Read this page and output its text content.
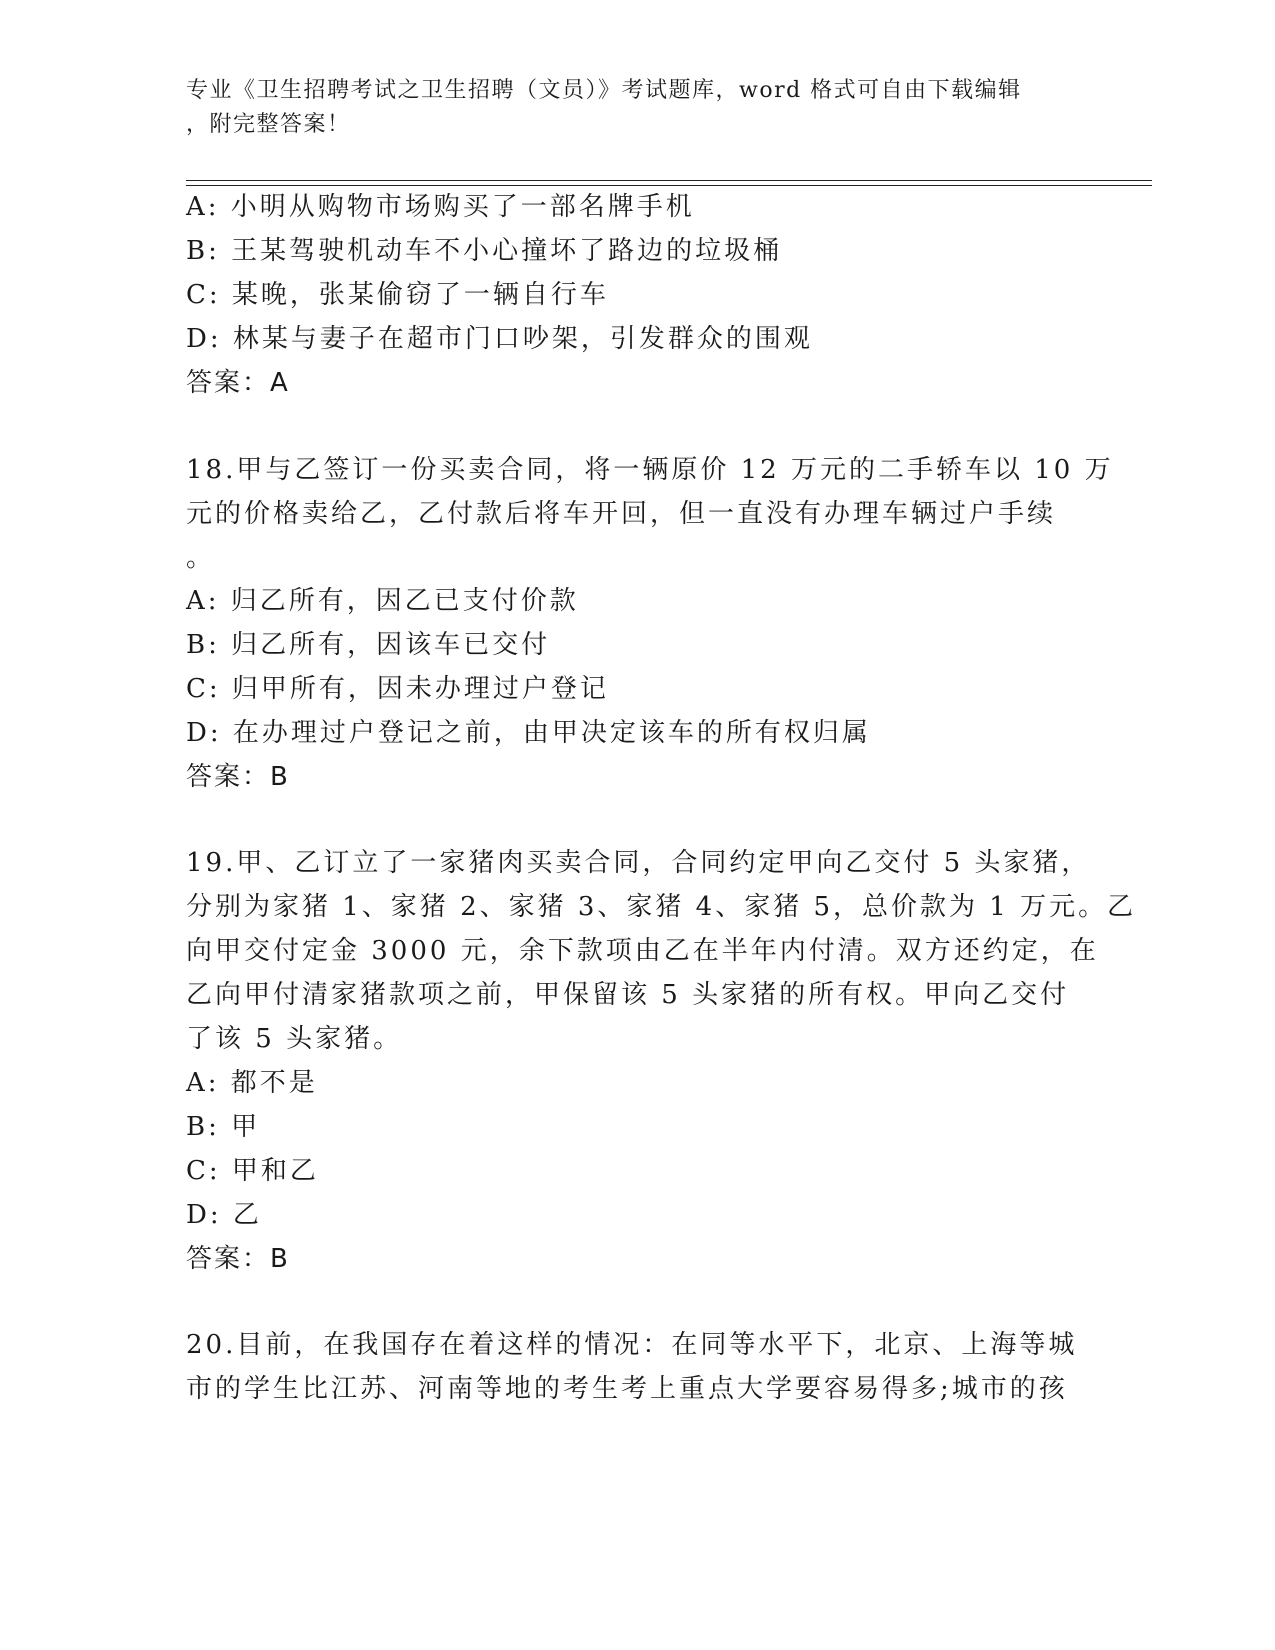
专业《卫生招聘考试之卫生招聘（文员）》考试题库，word 格式可自由下载编辑
，附完整答案！
A: 小明从购物市场购买了一部名牌手机
B: 王某驾驶机动车不小心撞坏了路边的垃圾桶
C: 某晚，张某偷窃了一辆自行车
D: 林某与妻子在超市门口吵架，引发群众的围观
答案：A
18.甲与乙签订一份买卖合同，将一辆原价 12 万元的二手轿车以 10 万
元的价格卖给乙，乙付款后将车开回，但一直没有办理车辆过户手续
。
A: 归乙所有，因乙已支付价款
B: 归乙所有，因该车已交付
C: 归甲所有，因未办理过户登记
D: 在办理过户登记之前，由甲决定该车的所有权归属
答案：B
19.甲、乙订立了一家猪肉买卖合同，合同约定甲向乙交付 5 头家猪，
分别为家猪 1、家猪 2、家猪 3、家猪 4、家猪 5，总价款为 1 万元。乙
向甲交付定金 3000 元，余下款项由乙在半年内付清。双方还约定，在
乙向甲付清家猪款项之前，甲保留该 5 头家猪的所有权。甲向乙交付
了该 5 头家猪。
A: 都不是
B: 甲
C: 甲和乙
D: 乙
答案：B
20.目前，在我国存在着这样的情况：在同等水平下，北京、上海等城
市的学生比江苏、河南等地的考生考上重点大学要容易得多;城市的孩
